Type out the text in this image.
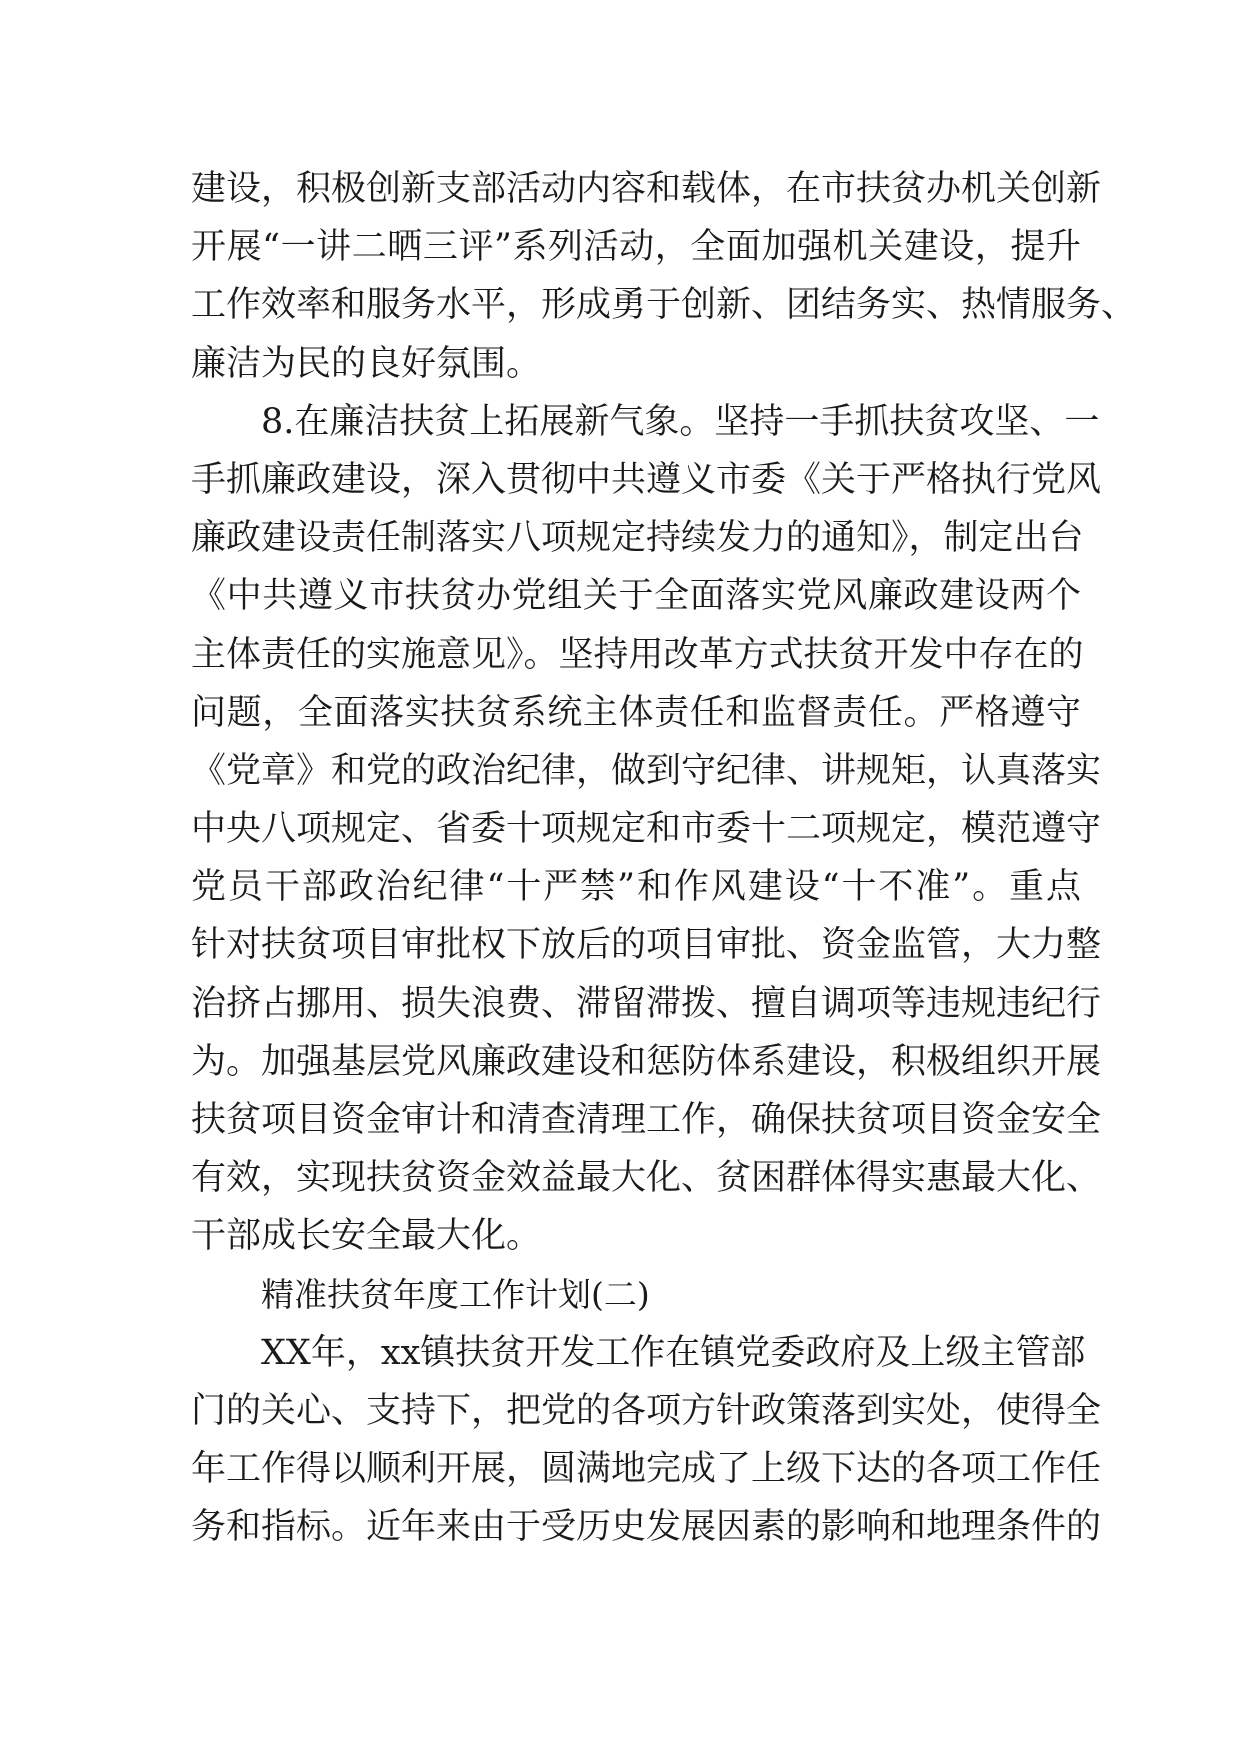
建设，积极创新支部活动内容和载体，在市扶贫办机关创新
开展“一讲二晒三评”系列活动，全面加强机关建设，提升
工作效率和服务水平，形成勇于创新、团结务实、热情服务、
廉洁为民的良好氛围。
8.在廉洁扶贫上拓展新气象。坚持一手抓扶贫攻坚、一
手抓廉政建设，深入贯彻中共遵义市委《关于严格执行党风
廉政建设责任制落实八项规定持续发力的通知》，制定出台
《中共遵义市扶贫办党组关于全面落实党风廉政建设两个
主体责任的实施意见》。坚持用改革方式扶贫开发中存在的
问题，全面落实扶贫系统主体责任和监督责任。严格遵守
《党章》和党的政治纪律，做到守纪律、讲规矩，认真落实
中央八项规定、省委十项规定和市委十二项规定，模范遵守
党员干部政治纪律“十严禁”和作风建设“十不准”。重点
针对扶贫项目审批权下放后的项目审批、资金监管，大力整
治挤占挪用、损失浪费、滞留滞拨、擅自调项等违规违纪行
为。加强基层党风廉政建设和惩防体系建设，积极组织开展
扶贫项目资金审计和清查清理工作，确保扶贫项目资金安全
有效，实现扶贫资金效益最大化、贫困群体得实惠最大化、
干部成长安全最大化。
精准扶贫年度工作计划(二)
XX年，xx镇扶贫开发工作在镇党委政府及上级主管部
门的关心、支持下，把党的各项方针政策落到实处，使得全
年工作得以顺利开展，圆满地完成了上级下达的各项工作任
务和指标。近年来由于受历史发展因素的影响和地理条件的
